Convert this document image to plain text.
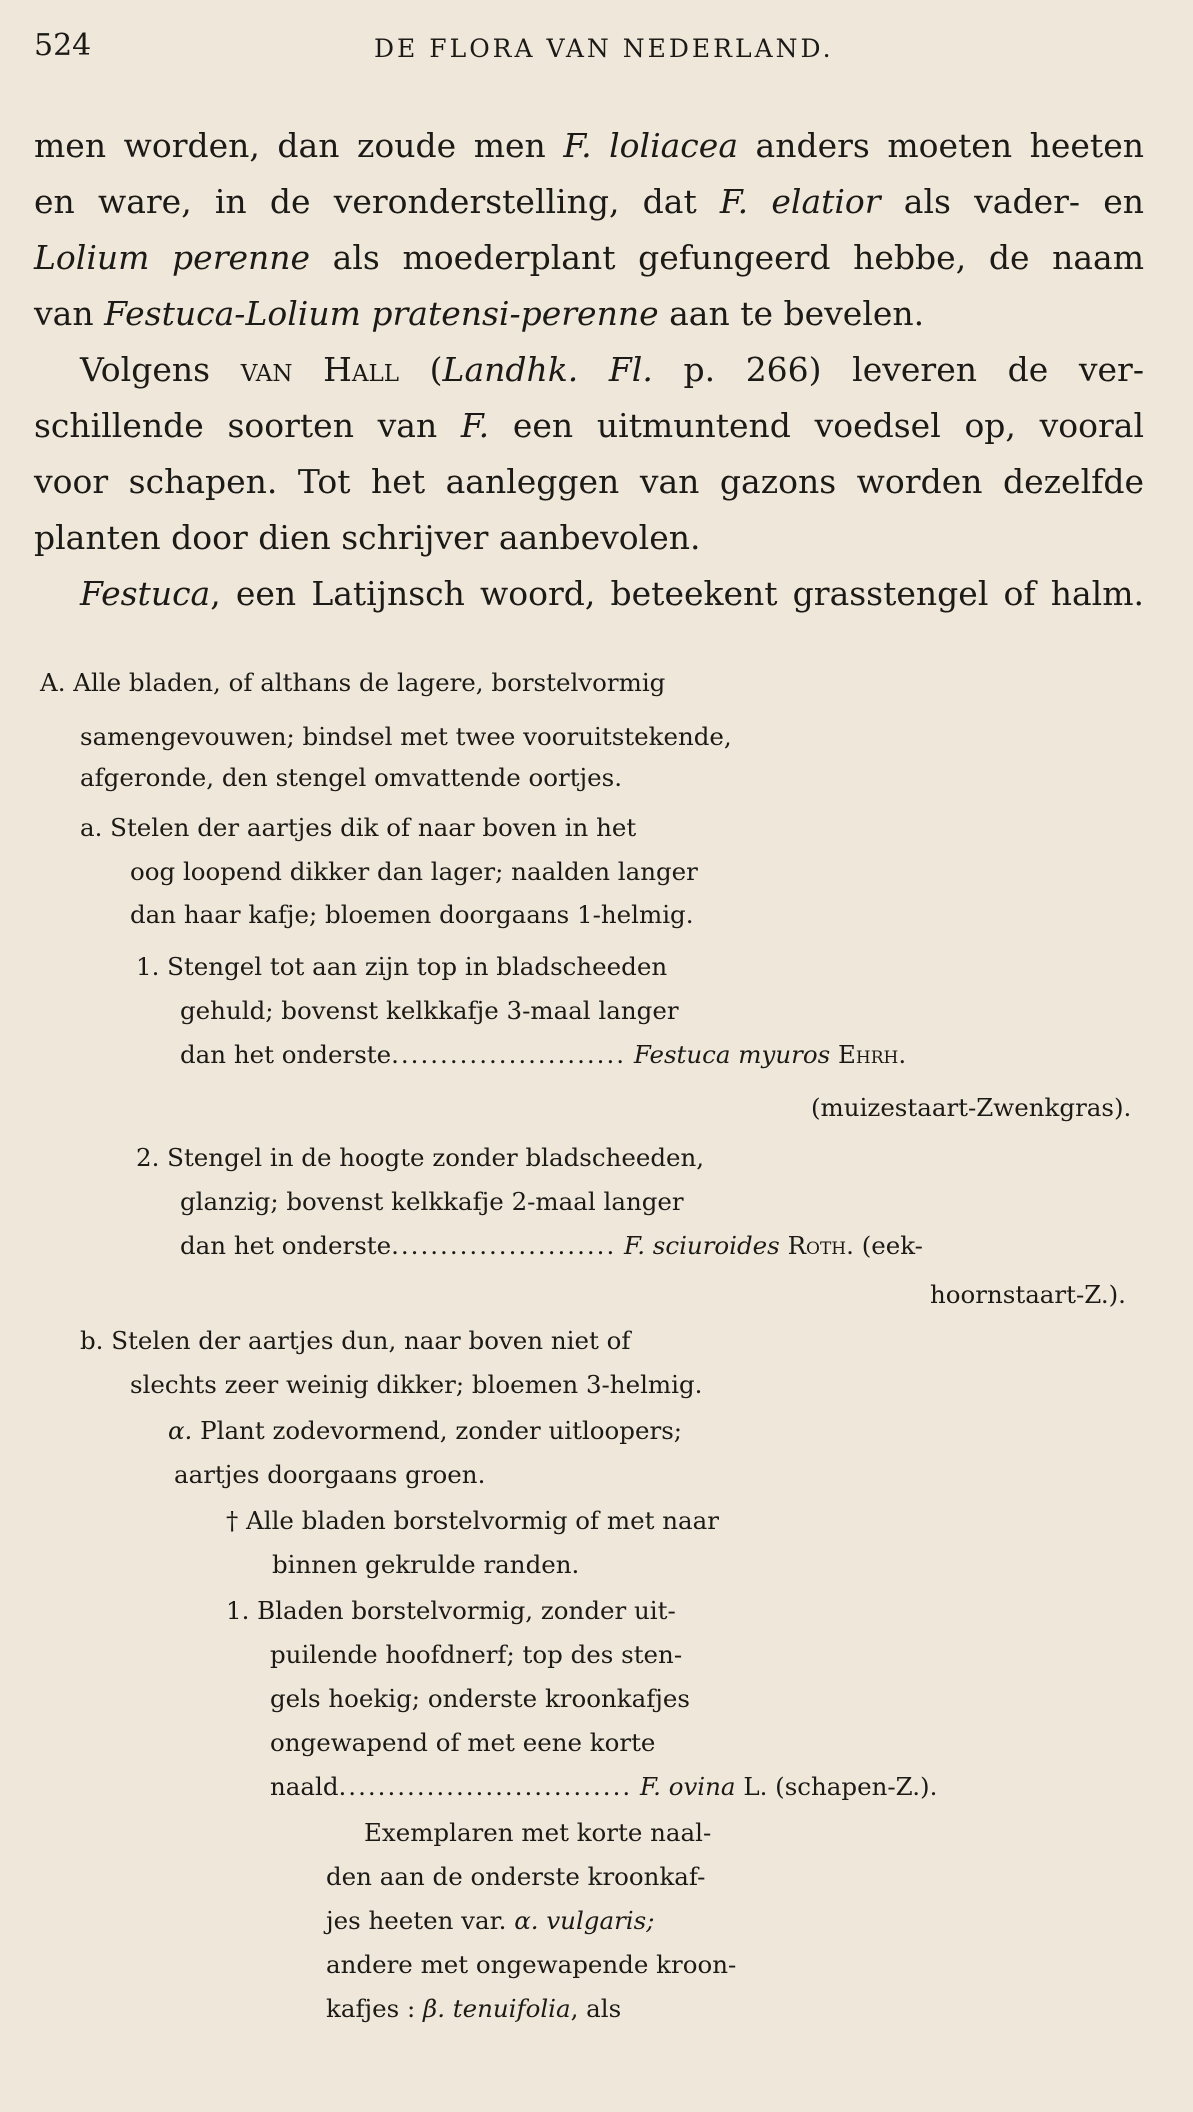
524	DE FLORA VAN NEDERLAND.
men worden, dan zoude men F. loliacea anders moeten heeten
en ware, in de veronderstelling, dat F. elatior als vader- en
Lolium perenne als moederplant gefungeerd hebbe, de naam
van Festuca-Lolium pratensi-perenne aan te bevelen.
Volgens van Hall (Landhk. Fl. p. 266) leveren de ver-
schillende soorten van F. een uitmuntend voedsel op, vooral
voor schapen. Tot het aanleggen van gazons worden dezelfde
planten door dien schrijver aanbevolen.
Festuca, een Latijnsch woord, beteekent grasstengel of halm.
A. Alle bladen, of althans de lagere, borstelvormig
samengevouwen; bindsel met twee vooruitstekende,
afgeronde, den stengel omvattende oortjes.
a. Stelen der aartjes dik of naar boven in het
oog loopend dikker dan lager; naalden langer
dan haar kafje; bloemen doorgaans 1-helmig.
1. Stengel tot aan zijn top in bladscheeden
gehuld; bovenst kelkkafje 3-maal langer
dan het onderste........................ Festuca myuros Ehrh.
(muizestaart-Zwenkgras).
2. Stengel in de hoogte zonder bladscheeden,
glanzig; bovenst kelkkafje 2-maal langer
dan het onderste....................... F. sciuroides Roth. (eek-
hoornstaart-Z.).
b. Stelen der aartjes dun, naar boven niet of
slechts zeer weinig dikker; bloemen 3-helmig.
α. Plant zodevormend, zonder uitloopers;
aartjes doorgaans groen.
† Alle bladen borstelvormig of met naar
binnen gekrulde randen.
1. Bladen borstelvormig, zonder uit-
puilende hoofdnerf; top des sten-
gels hoekig; onderste kroonkafjes
ongewapend of met eene korte
naald.............................. F. ovina L. (schapen-Z.).
Exemplaren met korte naal-
den aan de onderste kroonkaf-
jes heeten var. α. vulgaris;
andere met ongewapende kroon-
kafjes : β. tenuifolia, als
